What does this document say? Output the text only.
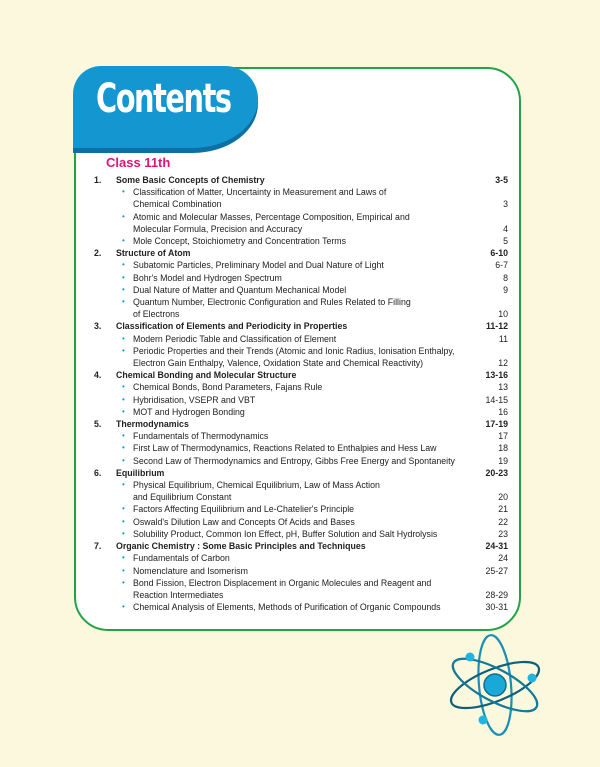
Contents
Class 11th
1.	Some Basic Concepts of Chemistry	3-5
• Classification of Matter, Uncertainty in Measurement and Laws of
Chemical Combination	3
• Atomic and Molecular Masses, Percentage Composition, Empirical and
Molecular Formula, Precision and Accuracy	4
• Mole Concept, Stoichiometry and Concentration Terms	5
2.	Structure of Atom	6-10
• Subatomic Particles, Preliminary Model and Dual Nature of Light	6-7
• Bohr's Model and Hydrogen Spectrum	8
• Dual Nature of Matter and Quantum Mechanical Model	9
• Quantum Number, Electronic Configuration and Rules Related to Filling
of Electrons	10
3.	Classification of Elements and Periodicity in Properties	11-12
• Modern Periodic Table and Classification of Element	11
• Periodic Properties and their Trends (Atomic and Ionic Radius, Ionisation Enthalpy,
Electron Gain Enthalpy, Valence, Oxidation State and Chemical Reactivity)	12
4.	Chemical Bonding and Molecular Structure	13-16
• Chemical Bonds, Bond Parameters, Fajans Rule	13
• Hybridisation, VSEPR and VBT	14-15
• MOT and Hydrogen Bonding	16
5.	Thermodynamics	17-19
• Fundamentals of Thermodynamics	17
• First Law of Thermodynamics, Reactions Related to Enthalpies and Hess Law	18
• Second Law of Thermodynamics and Entropy, Gibbs Free Energy and Spontaneity	19
6.	Equilibrium	20-23
• Physical Equilibrium, Chemical Equilibrium, Law of Mass Action
and Equilibrium Constant	20
• Factors Affecting Equilibrium and Le-Chatelier's Principle	21
• Oswald's Dilution Law and Concepts Of Acids and Bases	22
• Solubility Product, Common Ion Effect, pH, Buffer Solution and Salt Hydrolysis	23
7.	Organic Chemistry : Some Basic Principles and Techniques	24-31
• Fundamentals of Carbon	24
• Nomenclature and Isomerism	25-27
• Bond Fission, Electron Displacement in Organic Molecules and Reagent and
Reaction Intermediates	28-29
• Chemical Analysis of Elements, Methods of Purification of Organic Compounds	30-31
